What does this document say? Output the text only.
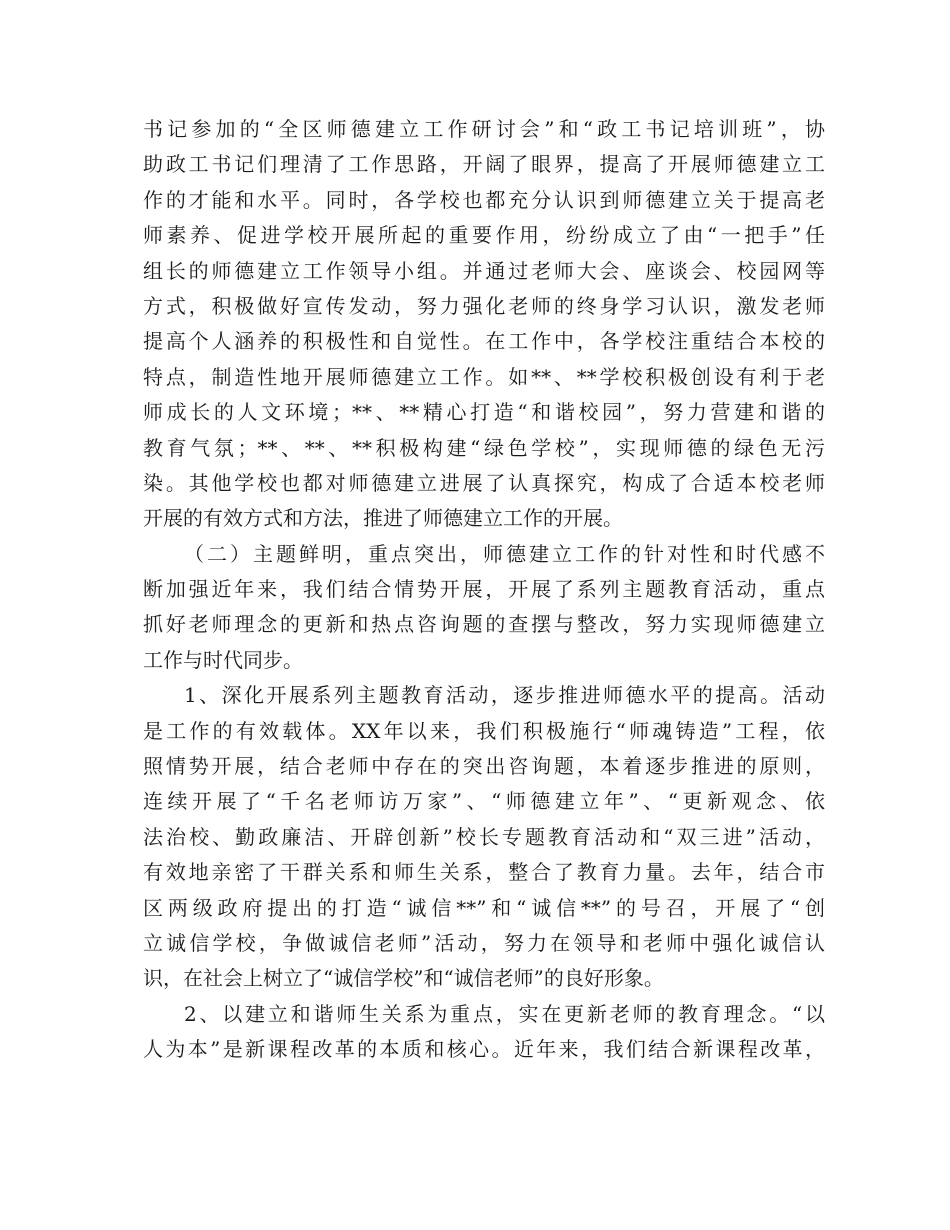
书记参加的“全区师德建立工作研讨会”和“政工书记培训班”，协
助政工书记们理清了工作思路，开阔了眼界，提高了开展师德建立工
作的才能和水平。同时，各学校也都充分认识到师德建立关于提高老
师素养、促进学校开展所起的重要作用，纷纷成立了由“一把手”任
组长的师德建立工作领导小组。并通过老师大会、座谈会、校园网等
方式，积极做好宣传发动，努力强化老师的终身学习认识，激发老师
提高个人涵养的积极性和自觉性。在工作中，各学校注重结合本校的
特点，制造性地开展师德建立工作。如**、**学校积极创设有利于老
师成长的人文环境；**、**精心打造“和谐校园”，努力营建和谐的
教育气氛；**、**、**积极构建“绿色学校”，实现师德的绿色无污
染。其他学校也都对师德建立进展了认真探究，构成了合适本校老师
开展的有效方式和方法，推进了师德建立工作的开展。
（二）主题鲜明，重点突出，师德建立工作的针对性和时代感不
断加强近年来，我们结合情势开展，开展了系列主题教育活动，重点
抓好老师理念的更新和热点咨询题的查摆与整改，努力实现师德建立
工作与时代同步。
1、深化开展系列主题教育活动，逐步推进师德水平的提高。活动
是工作的有效载体。XX年以来，我们积极施行“师魂铸造”工程，依
照情势开展，结合老师中存在的突出咨询题，本着逐步推进的原则，
连续开展了“千名老师访万家”、“师德建立年”、“更新观念、依
法治校、勤政廉洁、开辟创新”校长专题教育活动和“双三进”活动，
有效地亲密了干群关系和师生关系，整合了教育力量。去年，结合市
区两级政府提出的打造“诚信**”和“诚信**”的号召，开展了“创
立诚信学校，争做诚信老师”活动，努力在领导和老师中强化诚信认
识，在社会上树立了“诚信学校”和“诚信老师”的良好形象。
2、以建立和谐师生关系为重点，实在更新老师的教育理念。“以
人为本”是新课程改革的本质和核心。近年来，我们结合新课程改革，
